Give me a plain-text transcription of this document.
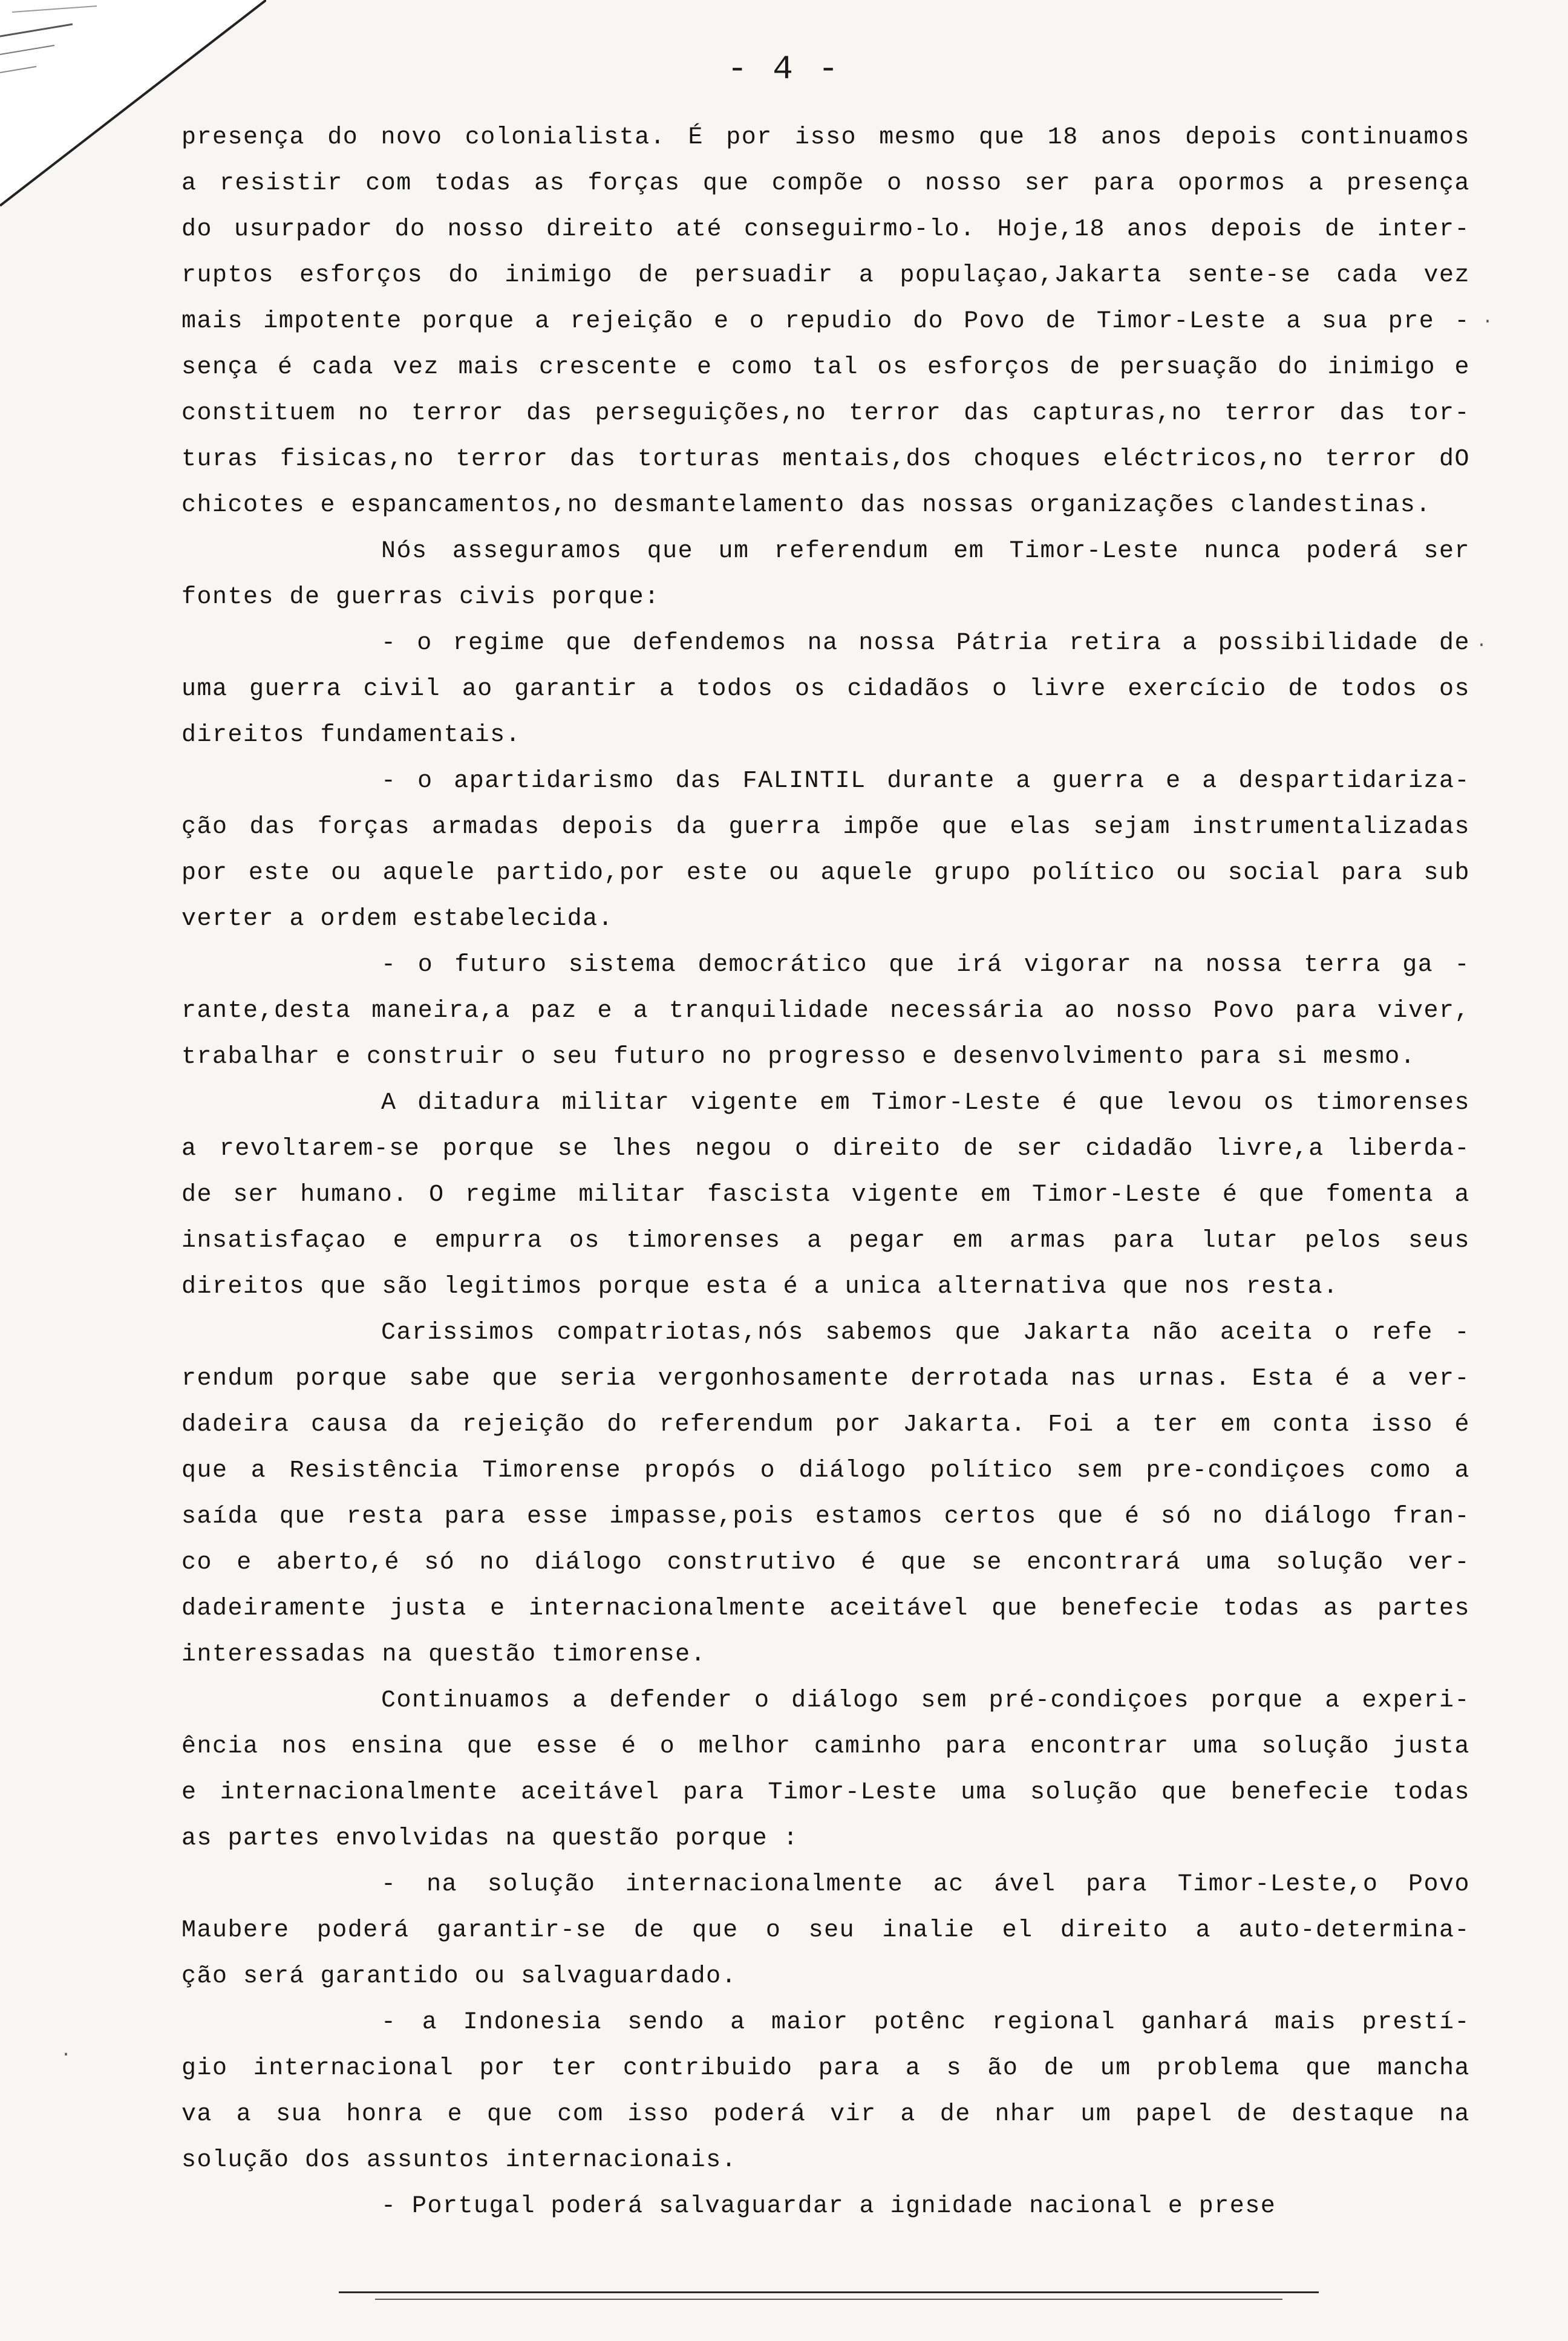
- 4 -
presença do novo colonialista. É por isso mesmo que 18 anos depois continuamos
a resistir com todas as forças que compõe o nosso ser para opormos a presença
do usurpador do nosso direito até conseguirmo-lo. Hoje,18 anos depois de inter-
ruptos esforços do inimigo de persuadir a populaçao,Jakarta sente-se cada vez
mais impotente porque a rejeição e o repudio do Povo de Timor-Leste a sua pre -
sença é cada vez mais crescente e como tal os esforços de persuação do inimigo e
constituem no terror das perseguições,no terror das capturas,no terror das tor-
turas fisicas,no terror das torturas mentais,dos choques eléctricos,no terror dO
chicotes e espancamentos,no desmantelamento das nossas organizações clandestinas.
Nós asseguramos que um referendum em Timor-Leste nunca poderá ser
fontes de guerras civis porque:
- o regime que defendemos na nossa Pátria retira a possibilidade de
uma guerra civil ao garantir a todos os cidadãos o livre exercício de todos os
direitos fundamentais.
- o apartidarismo das FALINTIL durante a guerra e a despartidariza-
ção das forças armadas depois da guerra impõe que elas sejam instrumentalizadas
por este ou aquele partido,por este ou aquele grupo político ou social para sub
verter a ordem estabelecida.
- o futuro sistema democrático que irá vigorar na nossa terra ga -
rante,desta maneira,a paz e a tranquilidade necessária ao nosso Povo para viver,
trabalhar e construir o seu futuro no progresso e desenvolvimento para si mesmo.
A ditadura militar vigente em Timor-Leste é que levou os timorenses
a revoltarem-se porque se lhes negou o direito de ser cidadão livre,a liberda-
de ser humano. O regime militar fascista vigente em Timor-Leste é que fomenta a
insatisfaçao e empurra os timorenses a pegar em armas para lutar pelos seus
direitos que são legitimos porque esta é a unica alternativa que nos resta.
Carissimos compatriotas,nós sabemos que Jakarta não aceita o refe -
rendum porque sabe que seria vergonhosamente derrotada nas urnas. Esta é a ver-
dadeira causa da rejeição do referendum por Jakarta. Foi a ter em conta isso é
que a Resistência Timorense propós o diálogo político sem pre-condiçoes como a
saída que resta para esse impasse,pois estamos certos que é só no diálogo fran-
co e aberto,é só no diálogo construtivo é que se encontrará uma solução ver-
dadeiramente justa e internacionalmente aceitável que benefecie todas as partes
interessadas na questão timorense.
Continuamos a defender o diálogo sem pré-condiçoes porque a experi-
ência nos ensina que esse é o melhor caminho para encontrar uma solução justa
e internacionalmente aceitável para Timor-Leste uma solução que benefecie todas
as partes envolvidas na questão porque :
- na solução internacionalmente ac ável para Timor-Leste,o Povo
Maubere poderá garantir-se de que o seu inalie el direito a auto-determina-
ção será garantido ou salvaguardado.
- a Indonesia sendo a maior potênc regional ganhará mais prestí-
gio internacional por ter contribuido para a s ão de um problema que mancha
va a sua honra e que com isso poderá vir a de nhar um papel de destaque na
solução dos assuntos internacionais.
- Portugal poderá salvaguardar a ignidade nacional e prese
·
·
·
